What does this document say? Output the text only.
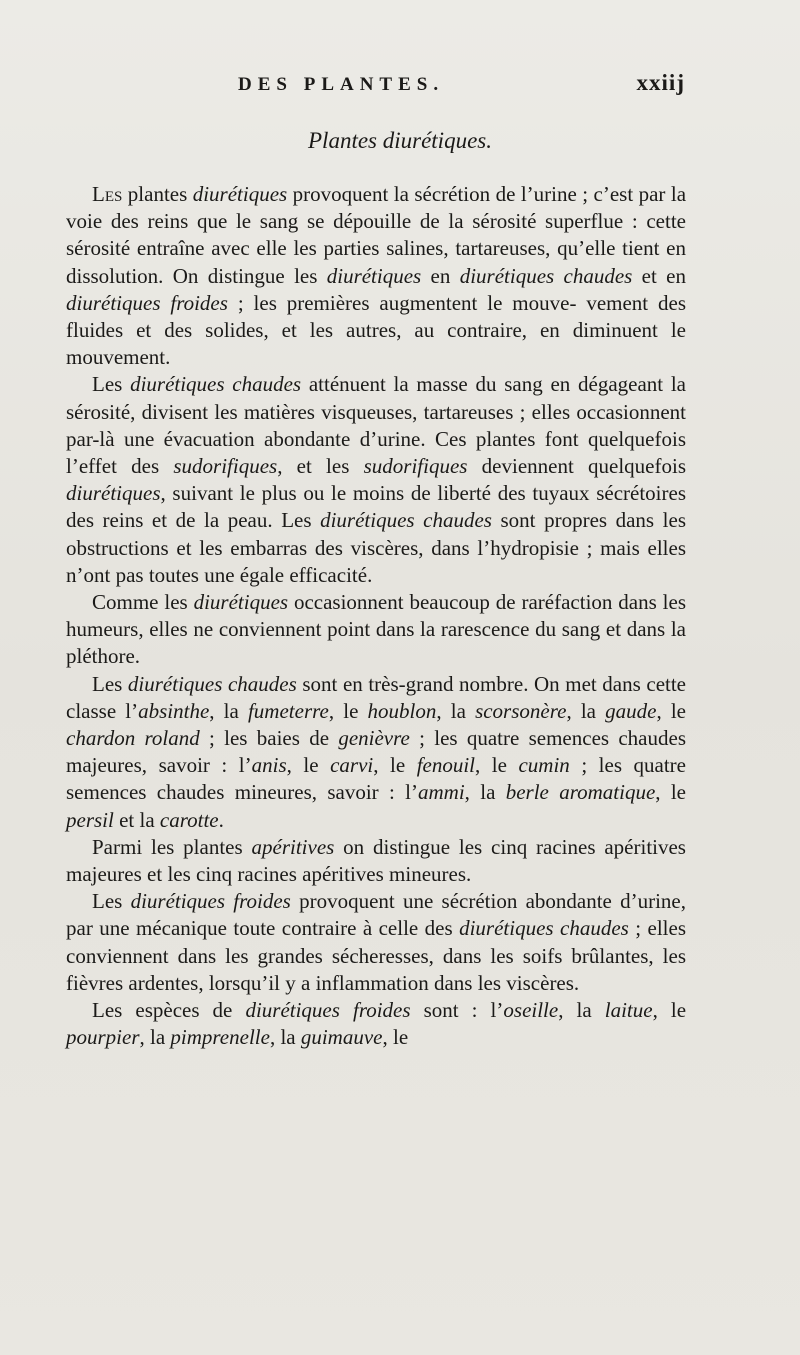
DES PLANTES.	xxiij
Plantes diurétiques.

Les plantes diurétiques provoquent la sécrétion de l’urine ; c’est par la voie des reins que le sang se dépouille de la sérosité superflue : cette sérosité entraîne avec elle les parties salines, tartareuses, qu’elle tient en dissolution. On distingue les diurétiques en diurétiques chaudes et en diurétiques froides ; les premières augmentent le mouve- vement des fluides et des solides, et les autres, au contraire, en diminuent le mouvement.

Les diurétiques chaudes atténuent la masse du sang en dégageant la sérosité, divisent les matières visqueuses, tartareuses ; elles occasionnent par-là une évacuation abondante d’urine. Ces plantes font quelquefois l’effet des sudorifiques, et les sudorifiques deviennent quelquefois diurétiques, suivant le plus ou le moins de liberté des tuyaux sécrétoires des reins et de la peau. Les diurétiques chaudes sont propres dans les obstructions et les embarras des viscères, dans l’hydropisie ; mais elles n’ont pas toutes une égale efficacité.

Comme les diurétiques occasionnent beaucoup de raréfaction dans les humeurs, elles ne conviennent point dans la rarescence du sang et dans la pléthore.

Les diurétiques chaudes sont en très-grand nombre. On met dans cette classe l’absinthe, la fumeterre, le houblon, la scorsonère, la gaude, le chardon roland ; les baies de genièvre ; les quatre semences chaudes majeures, savoir : l’anis, le carvi, le fenouil, le cumin ; les quatre semences chaudes mineures, savoir : l’ammi, la berle aromatique, le persil et la carotte.

Parmi les plantes apéritives on distingue les cinq racines apéritives majeures et les cinq racines apéritives mineures.

Les diurétiques froides provoquent une sécrétion abondante d’urine, par une mécanique toute contraire à celle des diurétiques chaudes ; elles conviennent dans les grandes sécheresses, dans les soifs brûlantes, les fièvres ardentes, lorsqu’il y a inflammation dans les viscères.

Les espèces de diurétiques froides sont : l’oseille, la laitue, le pourpier, la pimprenelle, la guimauve, le
